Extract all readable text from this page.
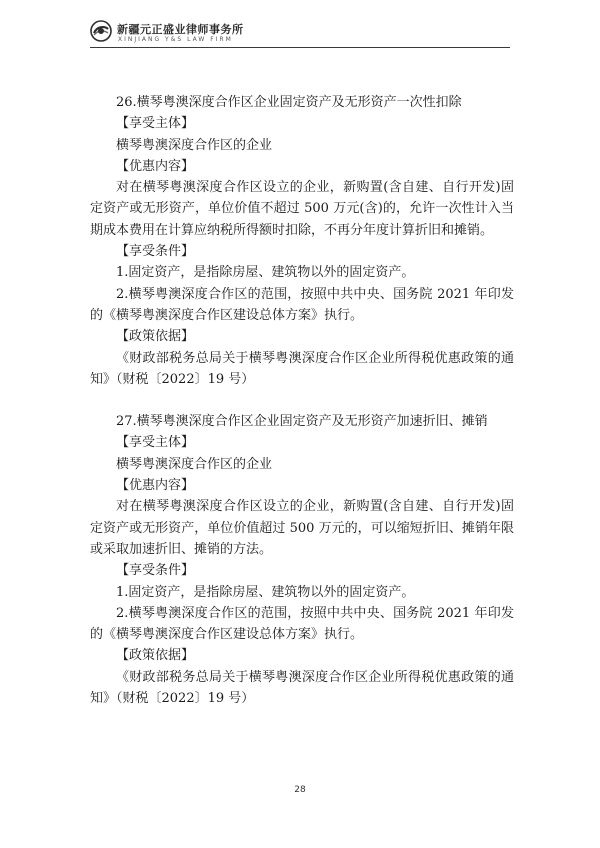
新疆元正盛业律师事务所
XINJIANG Y&S LAW FIRM

26.横琴粤澳深度合作区企业固定资产及无形资产一次性扣除

【享受主体】

横琴粤澳深度合作区的企业

【优惠内容】

对在横琴粤澳深度合作区设立的企业，新购置(含自建、自行开发)固定资产或无形资产，单位价值不超过 500 万元(含)的，允许一次性计入当期成本费用在计算应纳税所得额时扣除，不再分年度计算折旧和摊销。

【享受条件】

1.固定资产，是指除房屋、建筑物以外的固定资产。

2.横琴粤澳深度合作区的范围，按照中共中央、国务院 2021 年印发的《横琴粤澳深度合作区建设总体方案》执行。

【政策依据】

《财政部税务总局关于横琴粤澳深度合作区企业所得税优惠政策的通知》（财税〔2022〕19 号）

27.横琴粤澳深度合作区企业固定资产及无形资产加速折旧、摊销

【享受主体】

横琴粤澳深度合作区的企业

【优惠内容】

对在横琴粤澳深度合作区设立的企业，新购置(含自建、自行开发)固定资产或无形资产，单位价值超过 500 万元的，可以缩短折旧、摊销年限或采取加速折旧、摊销的方法。

【享受条件】

1.固定资产，是指除房屋、建筑物以外的固定资产。

2.横琴粤澳深度合作区的范围，按照中共中央、国务院 2021 年印发的《横琴粤澳深度合作区建设总体方案》执行。

【政策依据】

《财政部税务总局关于横琴粤澳深度合作区企业所得税优惠政策的通知》（财税〔2022〕19 号）

28
